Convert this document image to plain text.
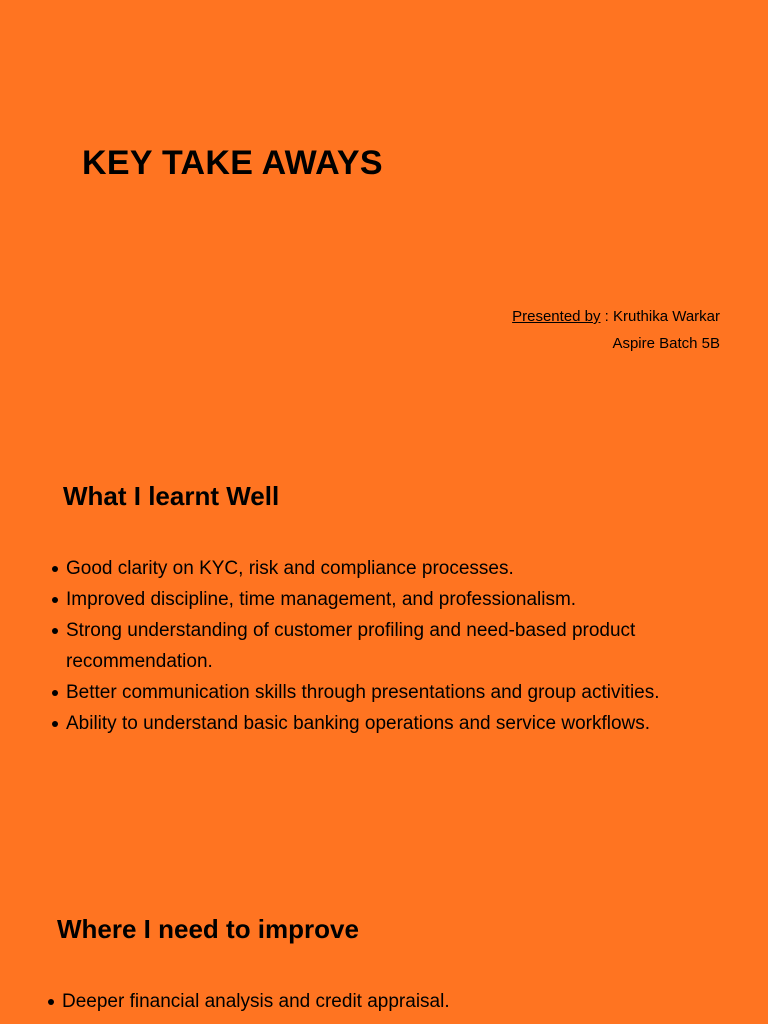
KEY TAKE AWAYS
Presented by : Kruthika Warkar
Aspire Batch 5B
What I learnt Well
Good clarity on KYC, risk and compliance processes.
Improved discipline, time management, and professionalism.
Strong understanding of customer profiling and need-based product recommendation.
Better communication skills through presentations and group activities.
Ability to understand basic banking operations and service workflows.
Where I need to improve
Deeper financial analysis and credit appraisal.
